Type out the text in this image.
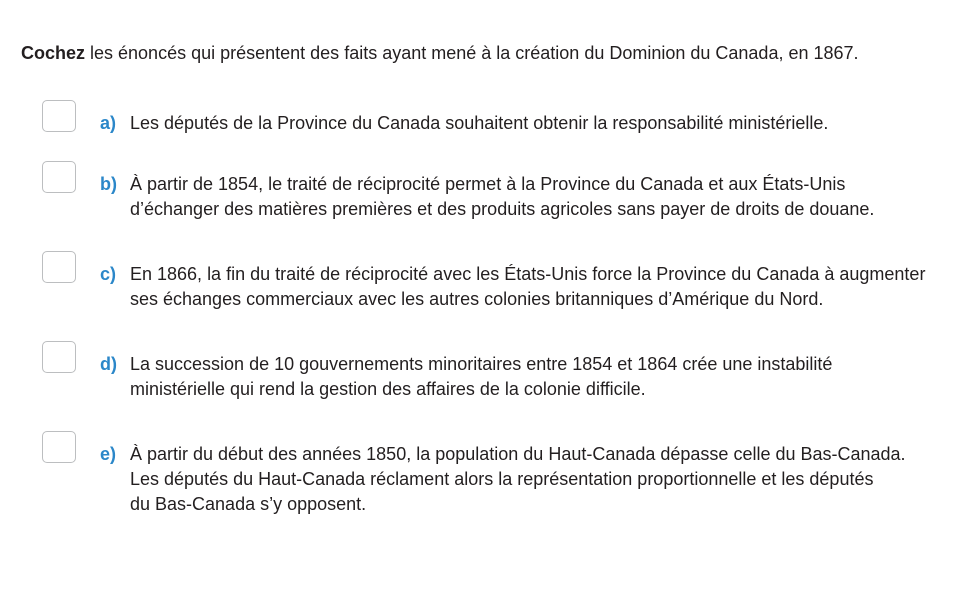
Cochez les énoncés qui présentent des faits ayant mené à la création du Dominion du Canada, en 1867.

a) Les députés de la Province du Canada souhaitent obtenir la responsabilité ministérielle.

b) À partir de 1854, le traité de réciprocité permet à la Province du Canada et aux États-Unis
d’échanger des matières premières et des produits agricoles sans payer de droits de douane.

c) En 1866, la fin du traité de réciprocité avec les États-Unis force la Province du Canada à augmenter
ses échanges commerciaux avec les autres colonies britanniques d’Amérique du Nord.

d) La succession de 10 gouvernements minoritaires entre 1854 et 1864 crée une instabilité
ministérielle qui rend la gestion des affaires de la colonie difficile.

e) À partir du début des années 1850, la population du Haut-Canada dépasse celle du Bas-Canada.
Les députés du Haut-Canada réclament alors la représentation proportionnelle et les députés
du Bas-Canada s’y opposent.
